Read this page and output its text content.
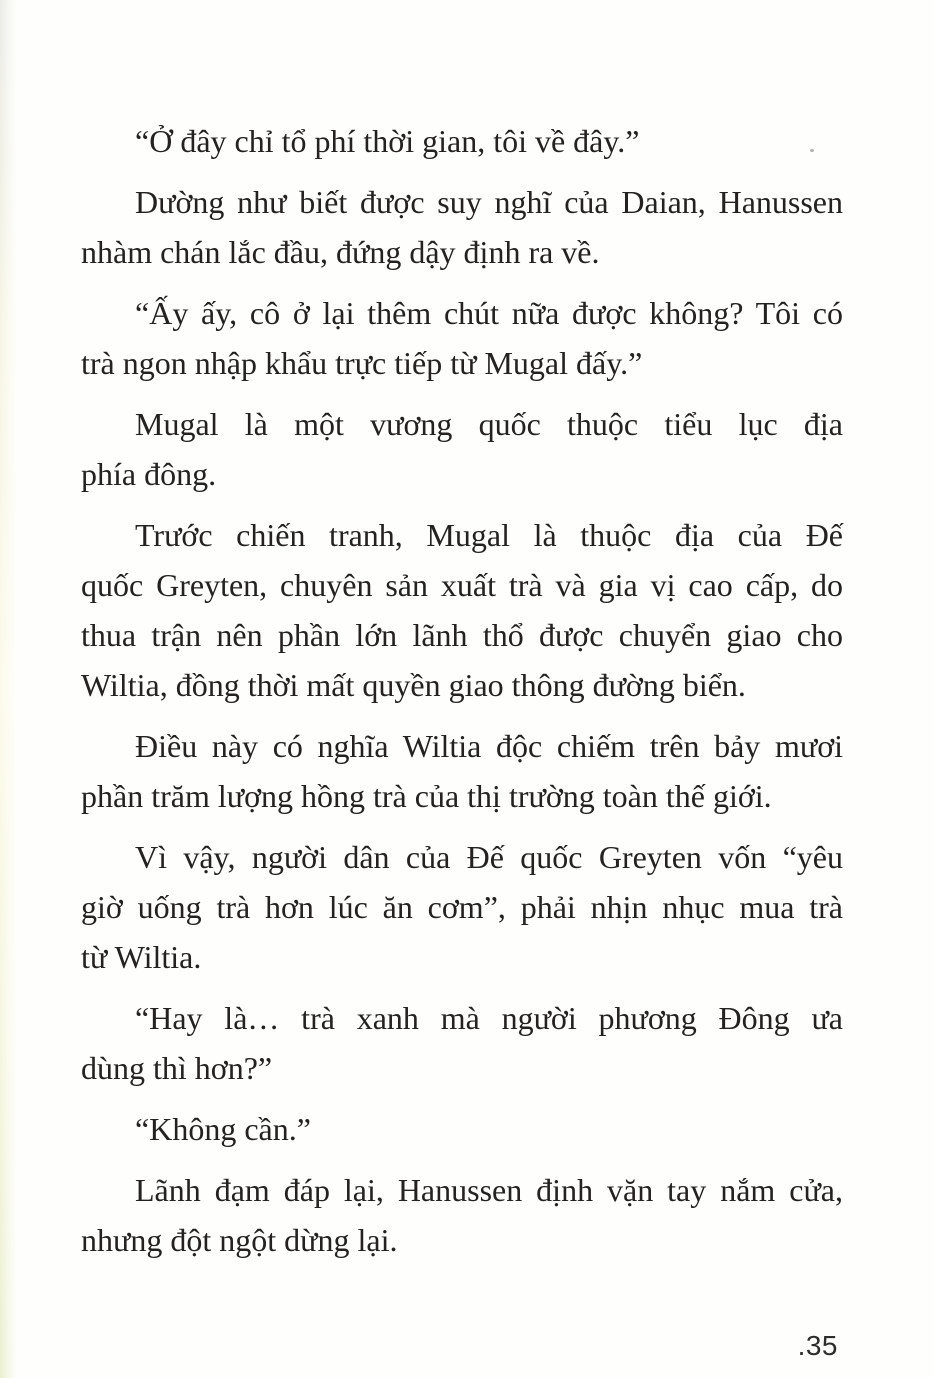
“Ở đây chỉ tổ phí thời gian, tôi về đây.”
Dường như biết được suy nghĩ của Daian, Hanussen
nhàm chán lắc đầu, đứng dậy định ra về.
“Ấy ấy, cô ở lại thêm chút nữa được không? Tôi có
trà ngon nhập khẩu trực tiếp từ Mugal đấy.”
Mugal là một vương quốc thuộc tiểu lục địa
phía đông.
Trước chiến tranh, Mugal là thuộc địa của Đế
quốc Greyten, chuyên sản xuất trà và gia vị cao cấp, do
thua trận nên phần lớn lãnh thổ được chuyển giao cho
Wiltia, đồng thời mất quyền giao thông đường biển.
Điều này có nghĩa Wiltia độc chiếm trên bảy mươi
phần trăm lượng hồng trà của thị trường toàn thế giới.
Vì vậy, người dân của Đế quốc Greyten vốn “yêu
giờ uống trà hơn lúc ăn cơm”, phải nhịn nhục mua trà
từ Wiltia.
“Hay là… trà xanh mà người phương Đông ưa
dùng thì hơn?”
“Không cần.”
Lãnh đạm đáp lại, Hanussen định vặn tay nắm cửa,
nhưng đột ngột dừng lại.
.35
